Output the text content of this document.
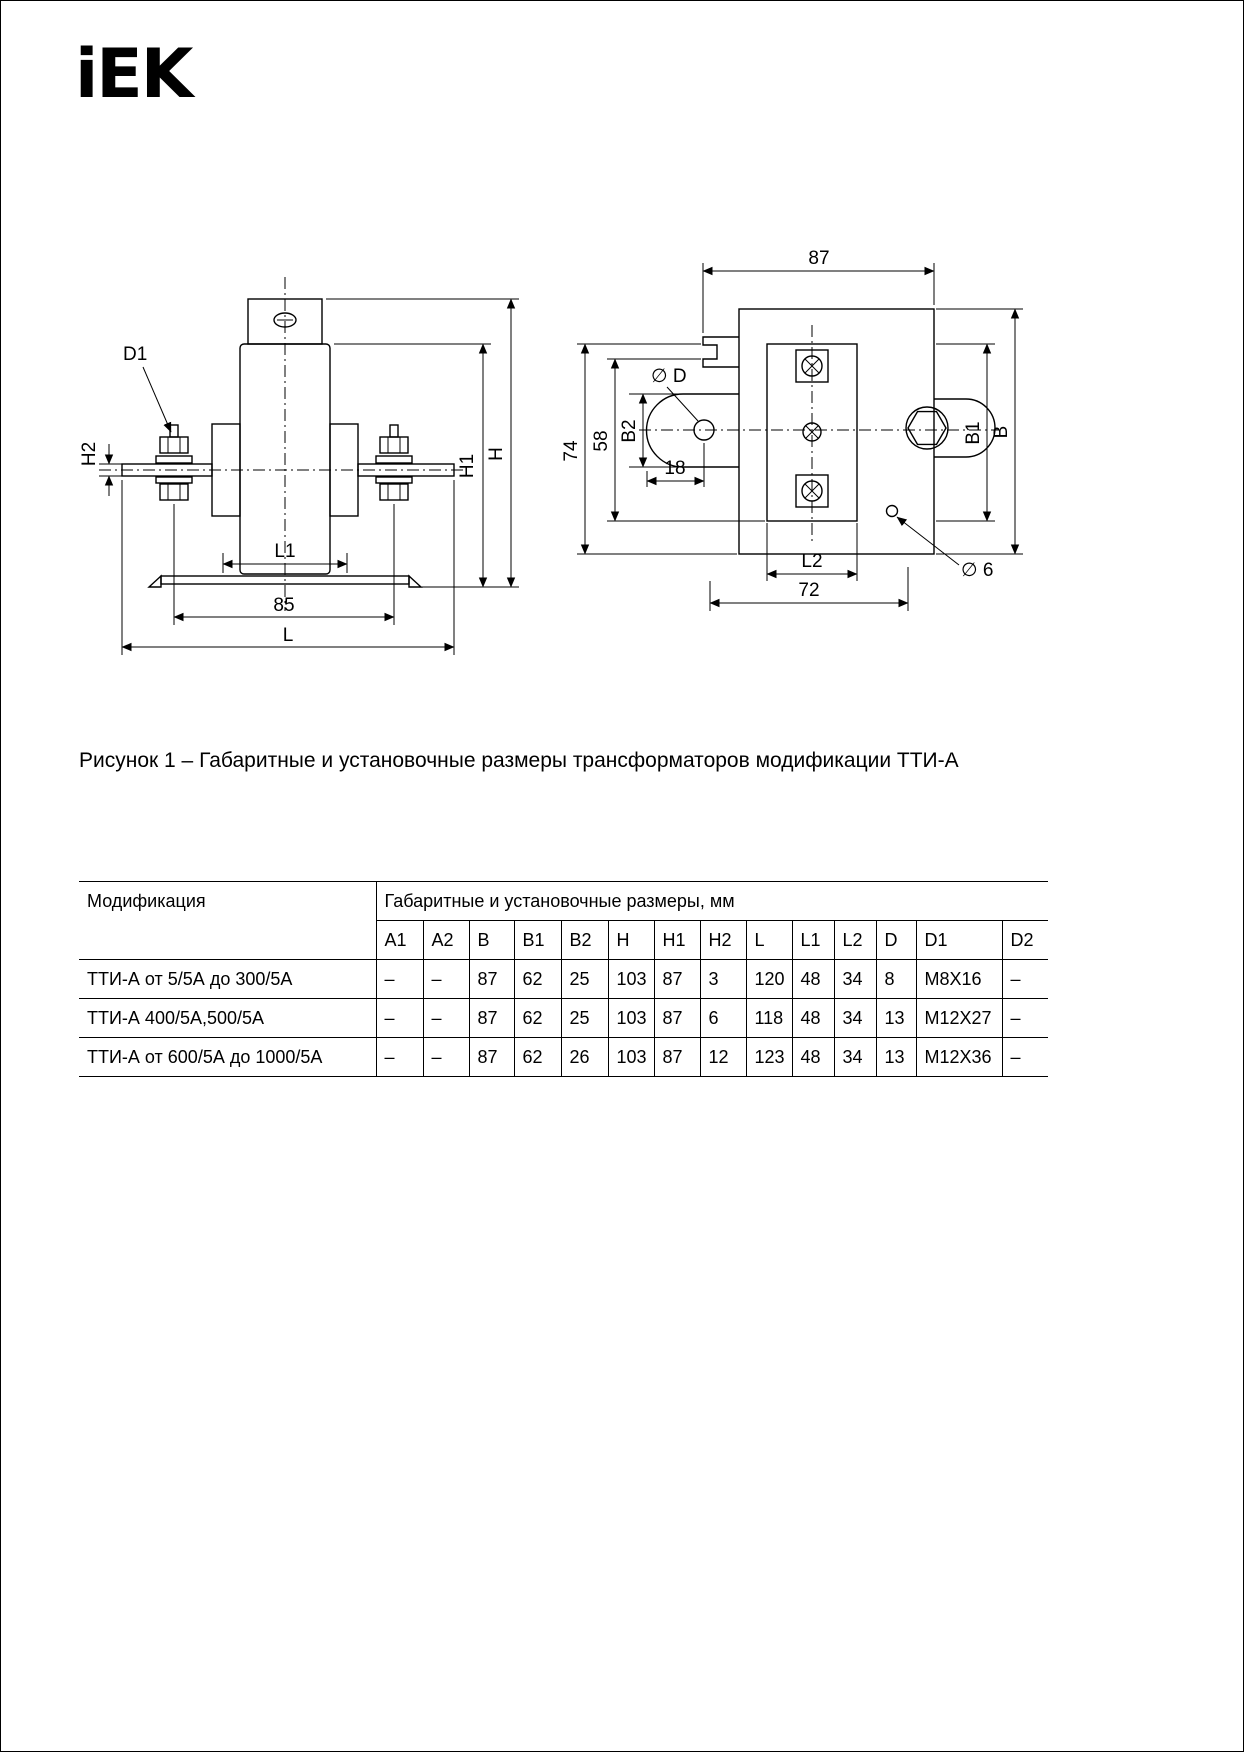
iEK
D1
H2	H1 H
L1
85
L
87
74 58 B2
∅ D
18
B1 B
L2
72
∅ 6

Рисунок 1 – Габаритные и установочные размеры трансформаторов модификации ТТИ-А

Модификация	Габаритные и установочные размеры, мм													
	А1	А2	В	В1	В2	Н	Н1	Н2	L	L1	L2	D	D1	D2
ТТИ-А от 5/5А до 300/5А	–	–	87	62	25	103	87	3	120	48	34	8	М8Х16	–
ТТИ-А 400/5А,500/5А	–	–	87	62	25	103	87	6	118	48	34	13	М12Х27	–
ТТИ-А от 600/5А до 1000/5А	–	–	87	62	26	103	87	12	123	48	34	13	М12Х36	–
